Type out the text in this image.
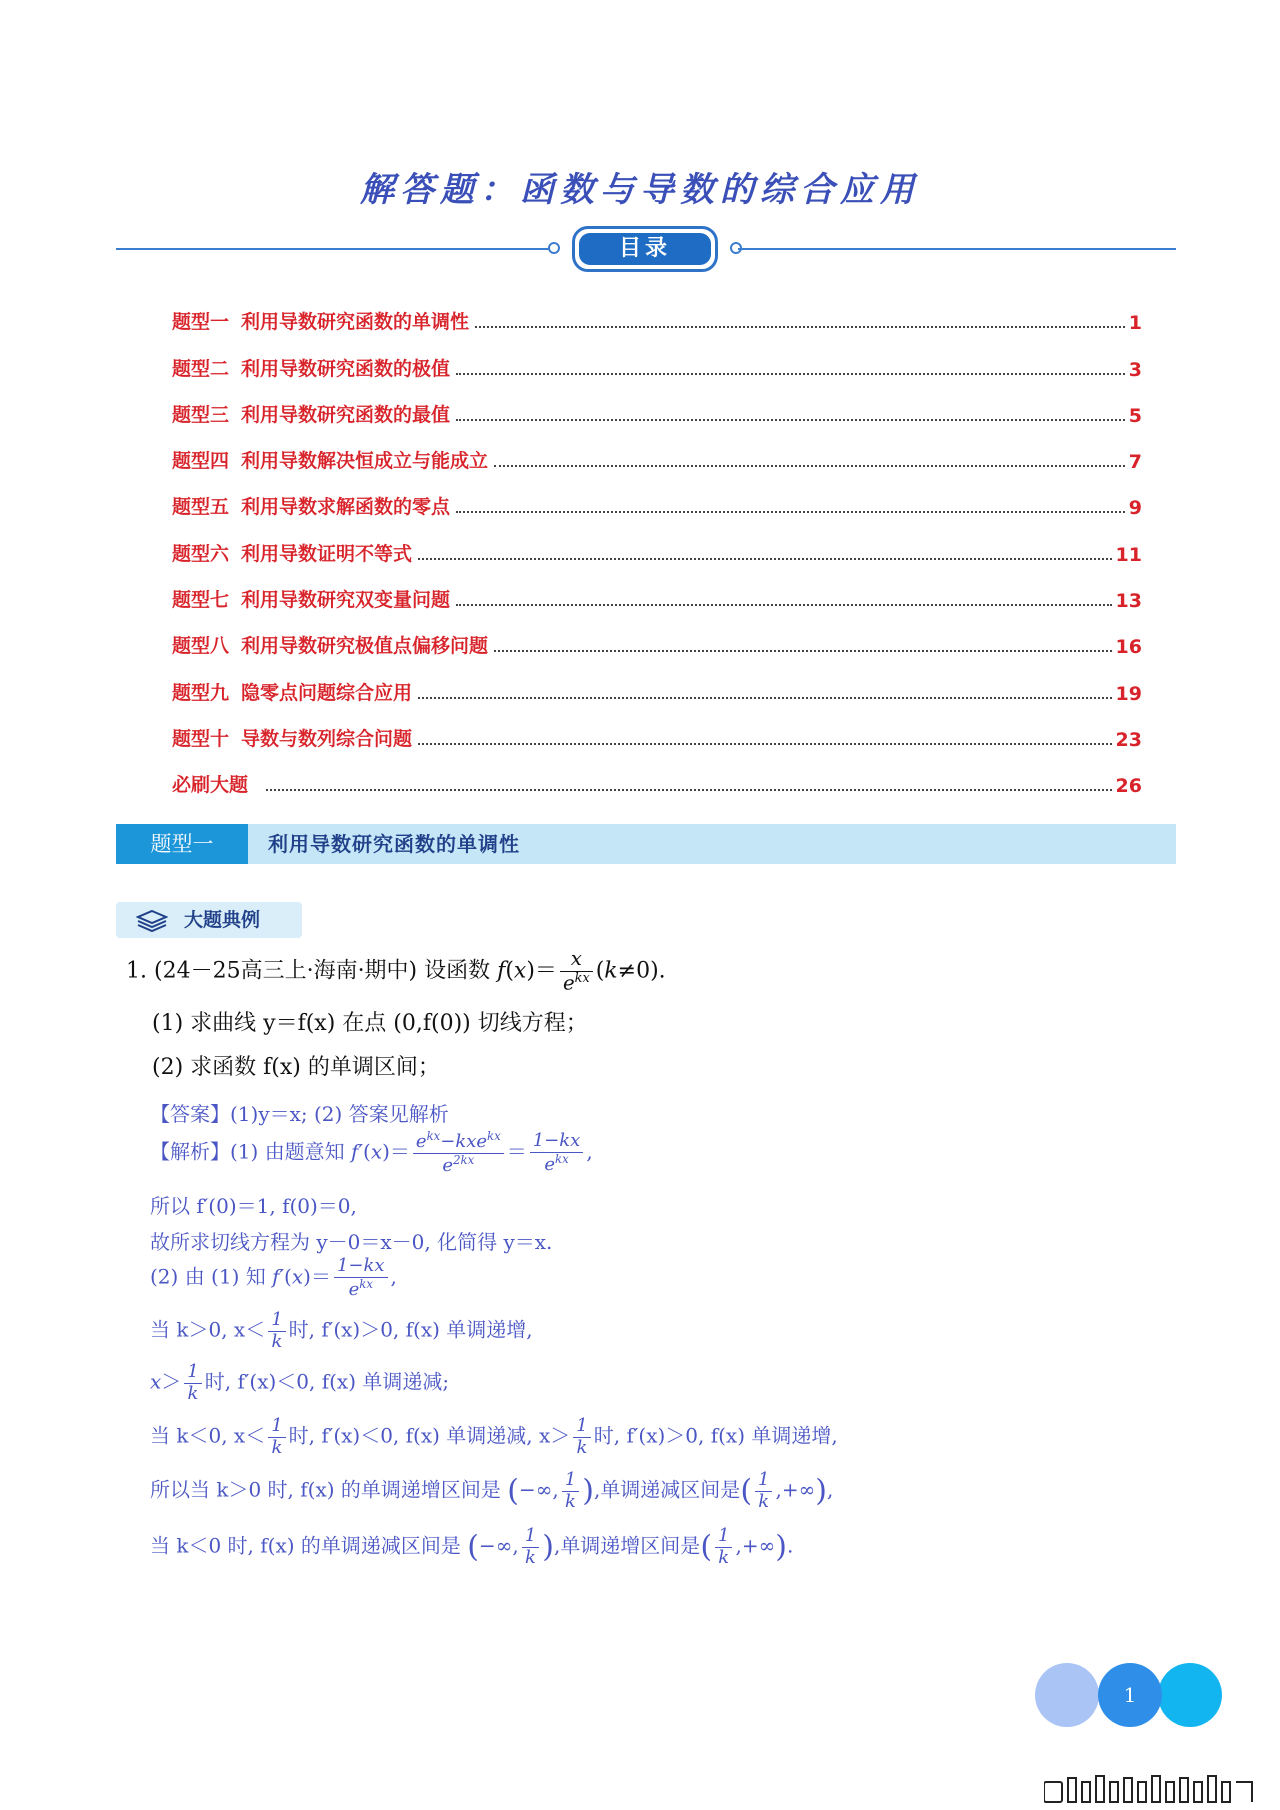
解答题：函数与导数的综合应用
目录
题型一 利用导数研究函数的单调性	1
题型二 利用导数研究函数的极值	3
题型三 利用导数研究函数的最值	5
题型四 利用导数解决恒成立与能成立	7
题型五 利用导数求解函数的零点	9
题型六 利用导数证明不等式	11
题型七 利用导数研究双变量问题	13
题型八 利用导数研究极值点偏移问题	16
题型九 隐零点问题综合应用	19
题型十 导数与数列综合问题	23
必刷大题	26
题型一	利用导数研究函数的单调性
大题典例
1. (24－25高三上·海南·期中) 设函数 $f(x)= \frac{x}{e^{kx}} (k\ne 0)$.
(1) 求曲线 y＝f(x) 在点 (0,f(0)) 切线方程；
(2) 求函数 f(x) 的单调区间；
【答案】(1)y＝x; (2) 答案见解析
【解析】(1) 由题意知 $f'(x)= \frac{e^{kx}-kxe^{kx}}{e^{2kx}} = \frac{1-kx}{e^{kx}}$ ,
所以 f′(0)＝1, f(0)＝0,
故所求切线方程为 y－0＝x－0, 化简得 y＝x.
(2) 由 (1) 知 $f'(x)= \frac{1-kx}{e^{kx}}$ ,
当 k＞0, $x< \frac{1}{k}$ 时, f′(x)＞0, f(x) 单调递增,
$x> \frac{1}{k}$ 时, f′(x)＜0, f(x) 单调递减;
当 k＜0, $x< \frac{1}{k}$ 时, f′(x)＜0, f(x) 单调递减, $x> \frac{1}{k}$ 时, f′(x)＞0, f(x) 单调递增,
所以当 k＞0 时, f(x) 的单调递增区间是 (−∞, $\frac{1}{k}$ ),单调递减区间是( $\frac{1}{k}$ ,+∞),
当 k＜0 时, f(x) 的单调递减区间是 (−∞, $\frac{1}{k}$ ),单调递增区间是( $\frac{1}{k}$ ,+∞).
1
